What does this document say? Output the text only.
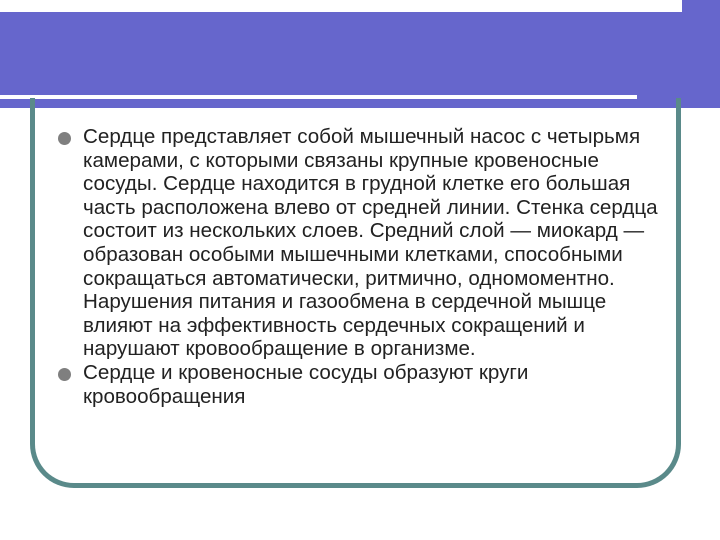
Сердце представляет собой мышечный насос с четырьмя камерами, с которыми связаны крупные кровеносные сосуды. Сердце находится в грудной клетке его большая часть расположена влево от средней линии. Стенка сердца состоит из нескольких слоев. Средний слой — миокард — образован особыми мышечными клетками, способными сокращаться автоматически, ритмично, одномоментно. Нарушения питания и газообмена в сердечной мышце влияют на эффективность сердечных сокращений и нарушают кровообращение в организме.
Сердце и кровеносные сосуды образуют круги кровообращения
